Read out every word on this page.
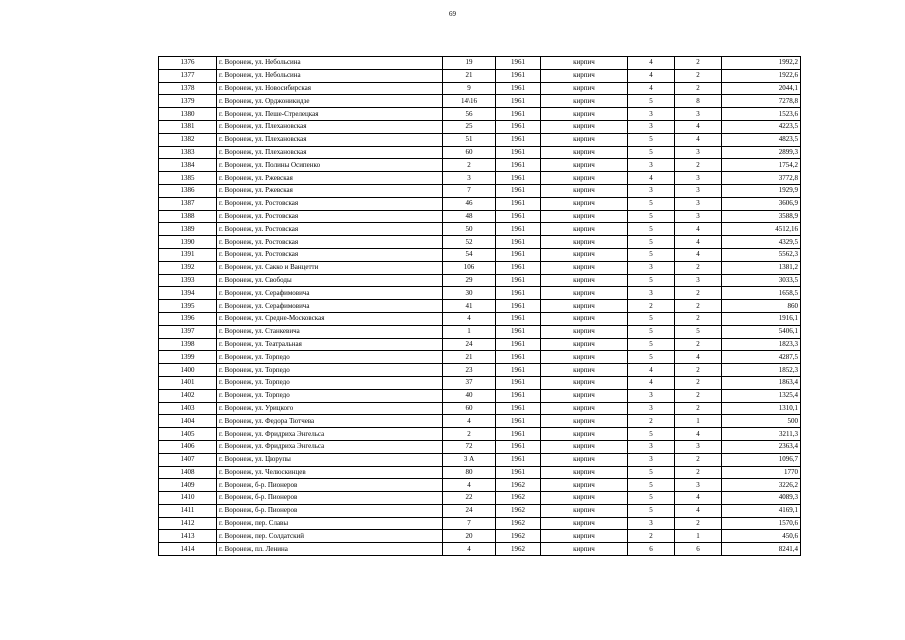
69
1376	г. Воронеж, ул. Небольсина	19	1961	кирпич	4	2	1992,2
1377	г. Воронеж, ул. Небольсина	21	1961	кирпич	4	2	1922,6
1378	г. Воронеж, ул. Новосибирская	9	1961	кирпич	4	2	2044,1
1379	г. Воронеж, ул. Орджоникидзе	14\16	1961	кирпич	5	8	7278,8
1380	г. Воронеж, ул. Пеше-Стрелецкая	56	1961	кирпич	3	3	1523,6
1381	г. Воронеж, ул. Плехановская	25	1961	кирпич	3	4	4223,5
1382	г. Воронеж, ул. Плехановская	51	1961	кирпич	5	4	4823,5
1383	г. Воронеж, ул. Плехановская	60	1961	кирпич	5	3	2899,3
1384	г. Воронеж, ул. Полины Осипенко	2	1961	кирпич	3	2	1754,2
1385	г. Воронеж, ул. Ржевская	3	1961	кирпич	4	3	3772,8
1386	г. Воронеж, ул. Ржевская	7	1961	кирпич	3	3	1929,9
1387	г. Воронеж, ул. Ростовская	46	1961	кирпич	5	3	3606,9
1388	г. Воронеж, ул. Ростовская	48	1961	кирпич	5	3	3588,9
1389	г. Воронеж, ул. Ростовская	50	1961	кирпич	5	4	4512,16
1390	г. Воронеж, ул. Ростовская	52	1961	кирпич	5	4	4329,5
1391	г. Воронеж, ул. Ростовская	54	1961	кирпич	5	4	5562,3
1392	г. Воронеж, ул. Сакко и Ванцетти	106	1961	кирпич	3	2	1381,2
1393	г. Воронеж, ул. Свободы	29	1961	кирпич	5	3	3033,5
1394	г. Воронеж, ул. Серафимовича	30	1961	кирпич	3	2	1658,5
1395	г. Воронеж, ул. Серафимовича	41	1961	кирпич	2	2	860
1396	г. Воронеж, ул. Средне-Московская	4	1961	кирпич	5	2	1916,1
1397	г. Воронеж, ул. Станкевича	1	1961	кирпич	5	5	5406,1
1398	г. Воронеж, ул. Театральная	24	1961	кирпич	5	2	1823,3
1399	г. Воронеж, ул. Торпедо	21	1961	кирпич	5	4	4287,5
1400	г. Воронеж, ул. Торпедо	23	1961	кирпич	4	2	1852,3
1401	г. Воронеж, ул. Торпедо	37	1961	кирпич	4	2	1863,4
1402	г. Воронеж, ул. Торпедо	40	1961	кирпич	3	2	1325,4
1403	г. Воронеж, ул. Урицкого	60	1961	кирпич	3	2	1310,1
1404	г. Воронеж, ул. Федора Тютчева	4	1961	кирпич	2	1	500
1405	г. Воронеж, ул. Фридриха Энгельса	2	1961	кирпич	5	4	3211,3
1406	г. Воронеж, ул. Фридриха Энгельса	72	1961	кирпич	3	3	2363,4
1407	г. Воронеж, ул. Цюрупы	3 А	1961	кирпич	3	2	1096,7
1408	г. Воронеж, ул. Челюскинцев	80	1961	кирпич	5	2	1770
1409	г. Воронеж, б-р. Пионеров	4	1962	кирпич	5	3	3226,2
1410	г. Воронеж, б-р. Пионеров	22	1962	кирпич	5	4	4089,3
1411	г. Воронеж, б-р. Пионеров	24	1962	кирпич	5	4	4169,1
1412	г. Воронеж, пер. Славы	7	1962	кирпич	3	2	1570,6
1413	г. Воронеж, пер. Солдатский	20	1962	кирпич	2	1	450,6
1414	г. Воронеж, пл. Ленина	4	1962	кирпич	6	6	8241,4
